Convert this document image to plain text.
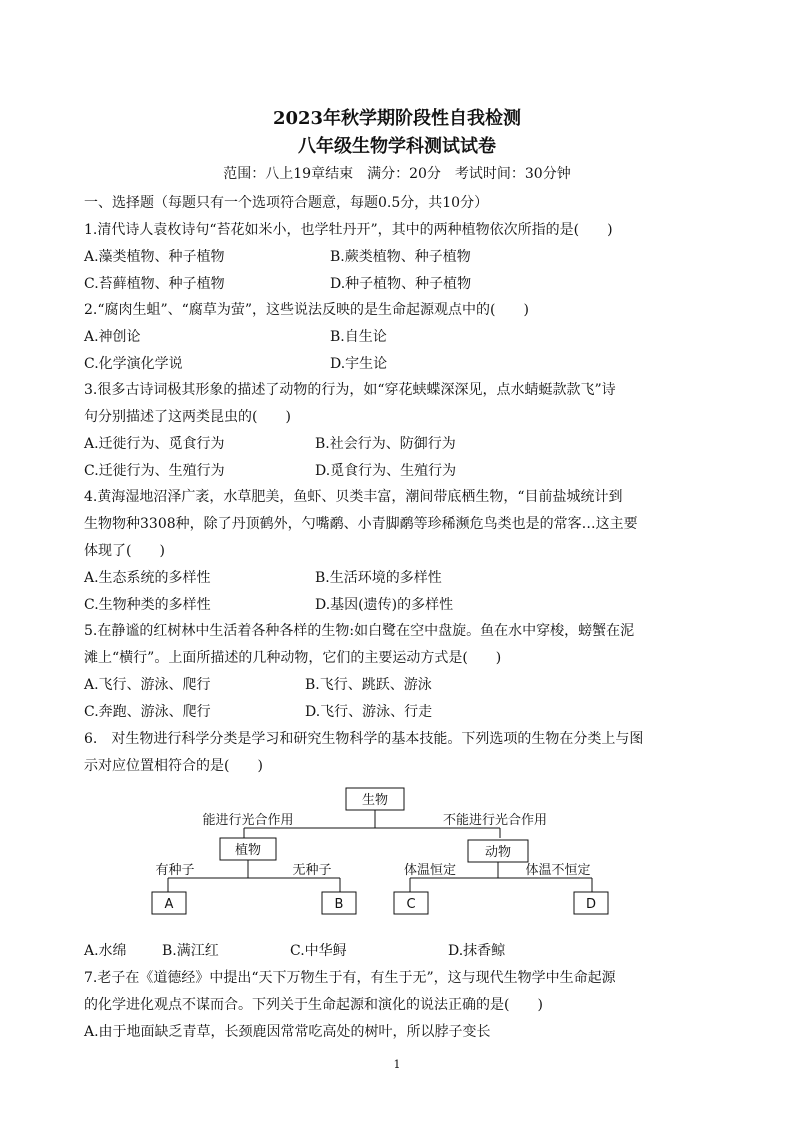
2023年秋学期阶段性自我检测
八年级生物学科测试试卷
范围：八上19章结束　满分：20分　考试时间：30分钟
一、选择题（每题只有一个选项符合题意，每题0.5分，共10分）
1.清代诗人袁枚诗句“苔花如米小，也学牡丹开”，其中的两种植物依次所指的是(　　)
A.藻类植物、种子植物	B.蕨类植物、种子植物
C.苔藓植物、种子植物	D.种子植物、种子植物
2.“腐肉生蛆”、“腐草为萤”，这些说法反映的是生命起源观点中的(　　)
A.神创论	B.自生论
C.化学演化学说	D.宇生论
3.很多古诗词极其形象的描述了动物的行为，如“穿花蛱蝶深深见，点水蜻蜓款款飞”诗
句分别描述了这两类昆虫的(　　)
A.迁徙行为、觅食行为	B.社会行为、防御行为
C.迁徙行为、生殖行为	D.觅食行为、生殖行为
4.黄海湿地沼泽广袤，水草肥美，鱼虾、贝类丰富，潮间带底栖生物，“目前盐城统计到
生物物种3308种，除了丹顶鹤外，勺嘴鹬、小青脚鹬等珍稀濒危鸟类也是的常客…这主要
体现了(　　)
A.生态系统的多样性	B.生活环境的多样性
C.生物种类的多样性	D.基因(遗传)的多样性
5.在静谧的红树林中生活着各种各样的生物:如白鹭在空中盘旋。鱼在水中穿梭，螃蟹在泥
滩上“横行”。上面所描述的几种动物，它们的主要运动方式是(　　)
A.飞行、游泳、爬行	B.飞行、跳跃、游泳
C.奔跑、游泳、爬行	D.飞行、游泳、行走
6.　对生物进行科学分类是学习和研究生物科学的基本技能。下列选项的生物在分类上与图
示对应位置相符合的是(　　)
生物
能进行光合作用	不能进行光合作用
植物	动物
有种子	无种子	体温恒定	体温不恒定
A	B	C	D
A.水绵	B.满江红	C.中华鲟	D.抹香鲸
7.老子在《道德经》中提出“天下万物生于有，有生于无”，这与现代生物学中生命起源
的化学进化观点不谋而合。下列关于生命起源和演化的说法正确的是(　　)
A.由于地面缺乏青草，长颈鹿因常常吃高处的树叶，所以脖子变长
1
